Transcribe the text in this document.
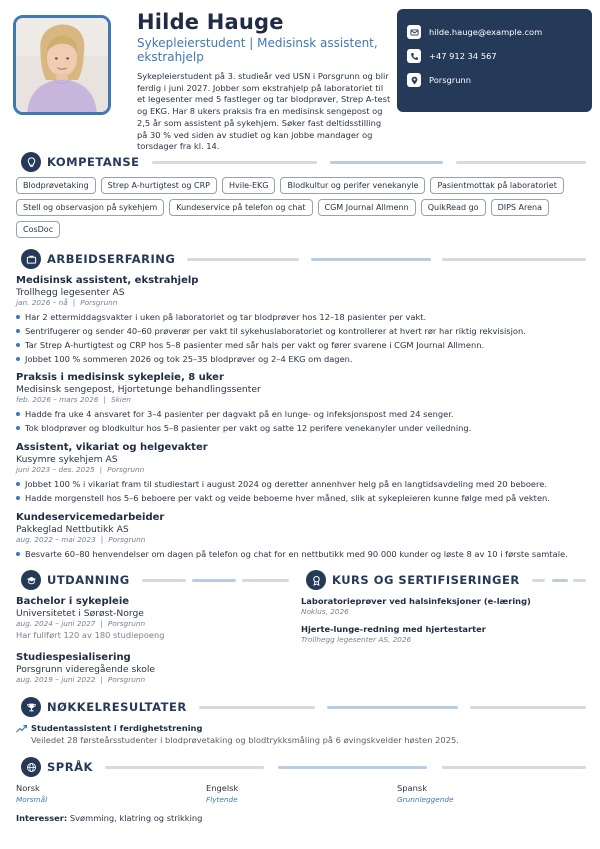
Hilde Hauge
Sykepleierstudent | Medisinsk assistent, ekstrahjelp
Sykepleierstudent på 3. studieår ved USN i Porsgrunn og blir ferdig i juni 2027. Jobber som ekstrahjelp på laboratoriet til et legesenter med 5 fastleger og tar blodprøver, Strep A-test og EKG. Har 8 ukers praksis fra en medisinsk sengepost og 2,5 år som assistent på sykehjem. Søker fast deltidsstilling på 30 % ved siden av studiet og kan jobbe mandager og torsdager fra kl. 14.
hilde.hauge@example.com
+47 912 34 567
Porsgrunn
KOMPETANSE
Blodprøvetaking	Strep A-hurtigtest og CRP	Hvile-EKG	Blodkultur og perifer venekanyle	Pasientmottak på laboratoriet
Stell og observasjon på sykehjem	Kundeservice på telefon og chat	CGM Journal Allmenn	QuikRead go	DIPS Arena
CosDoc
ARBEIDSERFARING
Medisinsk assistent, ekstrahjelp
Trollhegg legesenter AS
jan. 2026 – nå | Porsgrunn
Har 2 ettermiddagsvakter i uken på laboratoriet og tar blodprøver hos 12–18 pasienter per vakt.
Sentrifugerer og sender 40–60 prøverør per vakt til sykehuslaboratoriet og kontrollerer at hvert rør har riktig rekvisisjon.
Tar Strep A-hurtigtest og CRP hos 5–8 pasienter med sår hals per vakt og fører svarene i CGM Journal Allmenn.
Jobbet 100 % sommeren 2026 og tok 25–35 blodprøver og 2–4 EKG om dagen.
Praksis i medisinsk sykepleie, 8 uker
Medisinsk sengepost, Hjortetunge behandlingssenter
feb. 2026 – mars 2026 | Skien
Hadde fra uke 4 ansvaret for 3–4 pasienter per dagvakt på en lunge- og infeksjonspost med 24 senger.
Tok blodprøver og blodkultur hos 5–8 pasienter per vakt og satte 12 perifere venekanyler under veiledning.
Assistent, vikariat og helgevakter
Kusymre sykehjem AS
juni 2023 – des. 2025 | Porsgrunn
Jobbet 100 % i vikariat fram til studiestart i august 2024 og deretter annenhver helg på en langtidsavdeling med 20 beboere.
Hadde morgenstell hos 5–6 beboere per vakt og veide beboerne hver måned, slik at sykepleieren kunne følge med på vekten.
Kundeservicemedarbeider
Pakkeglad Nettbutikk AS
aug. 2022 – mai 2023 | Porsgrunn
Besvarte 60–80 henvendelser om dagen på telefon og chat for en nettbutikk med 90 000 kunder og løste 8 av 10 i første samtale.
UTDANNING
Bachelor i sykepleie
Universitetet i Sørøst-Norge
aug. 2024 – juni 2027 | Porsgrunn
Har fullført 120 av 180 studiepoeng
Studiespesialisering
Porsgrunn videregående skole
aug. 2019 – juni 2022 | Porsgrunn
KURS OG SERTIFISERINGER
Laboratorieprøver ved halsinfeksjoner (e-læring)
Noklus, 2026
Hjerte-lunge-redning med hjertestarter
Trollhegg legesenter AS, 2026
NØKKELRESULTATER
Studentassistent i ferdighetstrening
Veiledet 28 førsteårsstudenter i blodprøvetaking og blodtrykksmåling på 6 øvingskvelder høsten 2025.
SPRÅK
Norsk
Morsmål
Engelsk
Flytende
Spansk
Grunnleggende
Interesser: Svømming, klatring og strikking
